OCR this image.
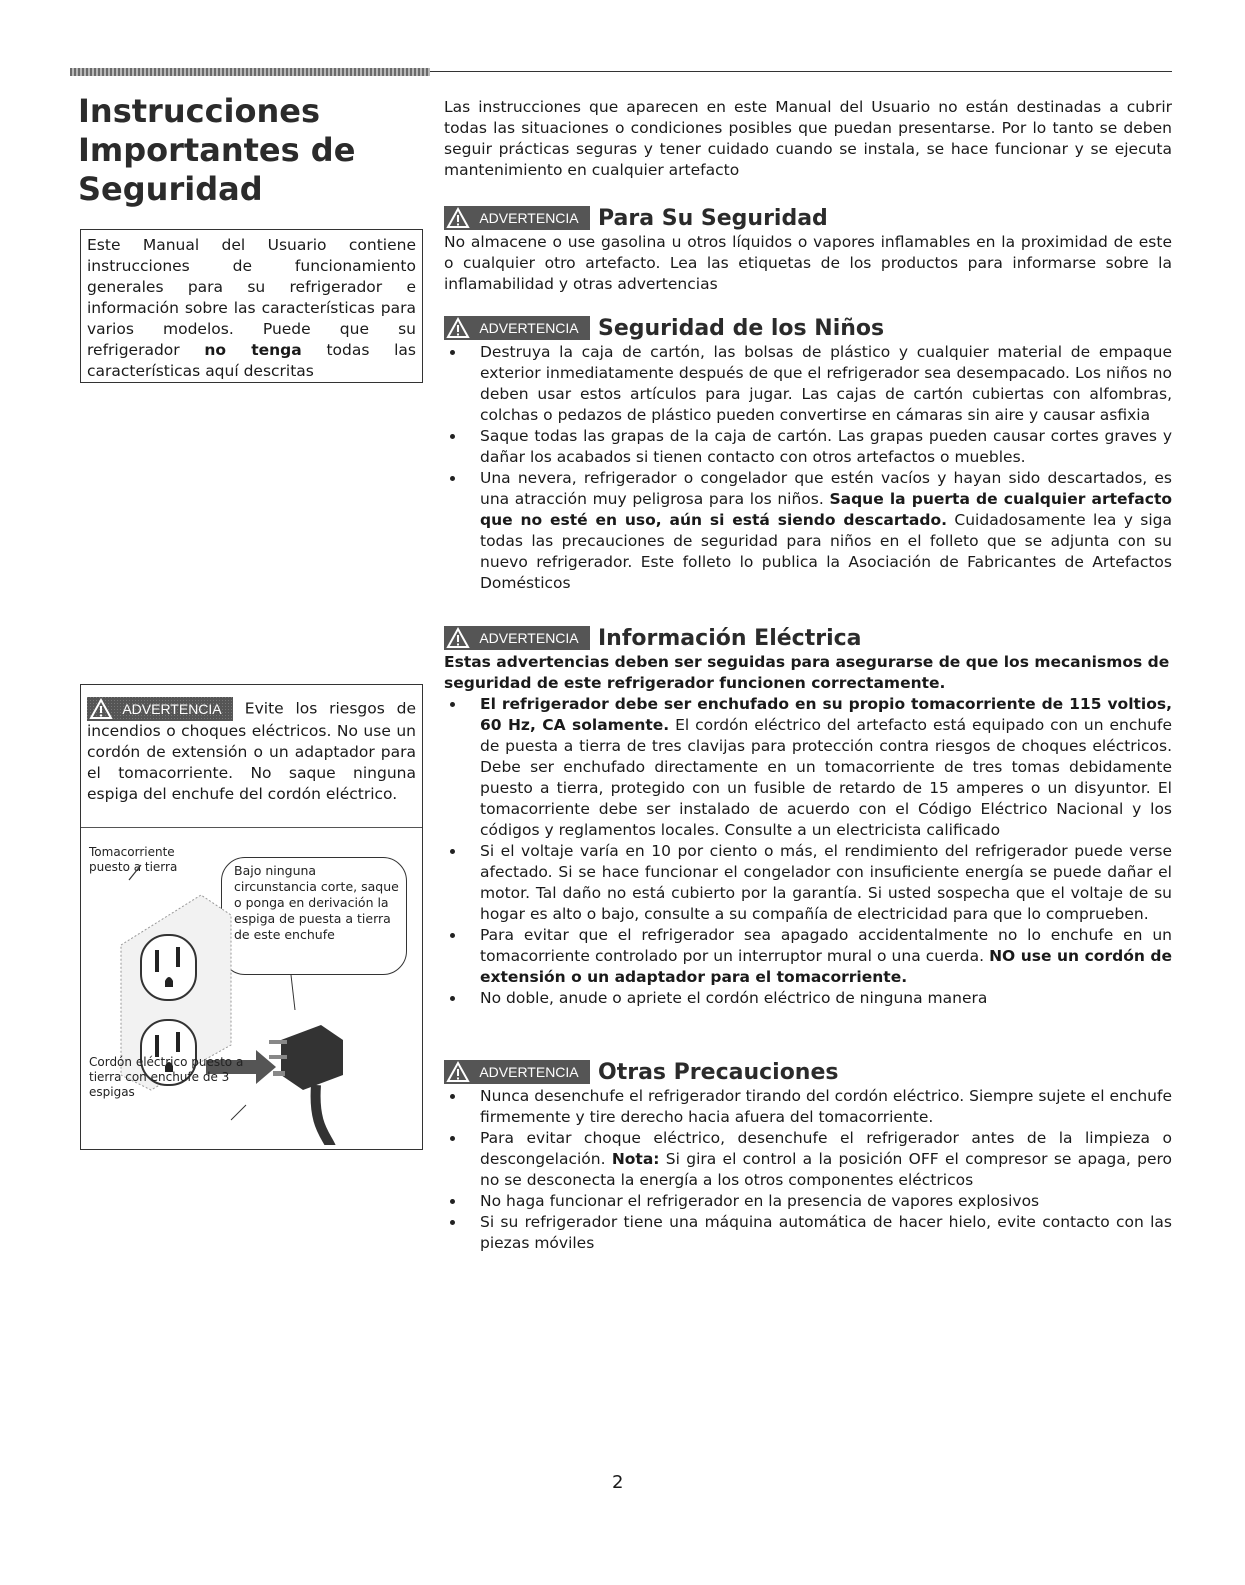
Instrucciones
Importantes de
Seguridad
Este Manual del Usuario contiene instrucciones de funcionamiento generales para su refrigerador e información sobre las características para varios modelos. Puede que su refrigerador no tenga todas las características aquí descritas
ADVERTENCIA Evite los riesgos de incendios o choques eléctricos. No use un cordón de extensión o un adaptador para el tomacorriente. No saque ninguna espiga del enchufe del cordón eléctrico.
Tomacorriente puesto a tierra	Bajo ninguna circunstancia corte, saque o ponga en derivación la espiga de puesta a tierra de este enchufe
Cordón eléctrico puesto a tierra con enchufe de 3 espigas

Las instrucciones que aparecen en este Manual del Usuario no están destinadas a cubrir todas las situaciones o condiciones posibles que puedan presentarse. Por lo tanto se deben seguir prácticas seguras y tener cuidado cuando se instala, se hace funcionar y se ejecuta mantenimiento en cualquier artefacto

ADVERTENCIA Para Su Seguridad

No almacene o use gasolina u otros líquidos o vapores inflamables en la proximidad de este o cualquier otro artefacto. Lea las etiquetas de los productos para informarse sobre la inflamabilidad y otras advertencias

ADVERTENCIA Seguridad de los Niños
Destruya la caja de cartón, las bolsas de plástico y cualquier material de empaque exterior inmediatamente después de que el refrigerador sea desempacado. Los niños no deben usar estos artículos para jugar. Las cajas de cartón cubiertas con alfombras, colchas o pedazos de plástico pueden convertirse en cámaras sin aire y causar asfixia
Saque todas las grapas de la caja de cartón. Las grapas pueden causar cortes graves y dañar los acabados si tienen contacto con otros artefactos o muebles.
Una nevera, refrigerador o congelador que estén vacíos y hayan sido descartados, es una atracción muy peligrosa para los niños. Saque la puerta de cualquier artefacto que no esté en uso, aún si está siendo descartado. Cuidadosamente lea y siga todas las precauciones de seguridad para niños en el folleto que se adjunta con su nuevo refrigerador. Este folleto lo publica la Asociación de Fabricantes de Artefactos Domésticos
ADVERTENCIA Información Eléctrica

Estas advertencias deben ser seguidas para asegurarse de que los mecanismos de seguridad de este refrigerador funcionen correctamente.

El refrigerador debe ser enchufado en su propio tomacorriente de 115 voltios, 60 Hz, CA solamente. El cordón eléctrico del artefacto está equipado con un enchufe de puesta a tierra de tres clavijas para protección contra riesgos de choques eléctricos. Debe ser enchufado directamente en un tomacorriente de tres tomas debidamente puesto a tierra, protegido con un fusible de retardo de 15 amperes o un disyuntor. El tomacorriente debe ser instalado de acuerdo con el Código Eléctrico Nacional y los códigos y reglamentos locales. Consulte a un electricista calificado
Si el voltaje varía en 10 por ciento o más, el rendimiento del refrigerador puede verse afectado. Si se hace funcionar el congelador con insuficiente energía se puede dañar el motor. Tal daño no está cubierto por la garantía. Si usted sospecha que el voltaje de su hogar es alto o bajo, consulte a su compañía de electricidad para que lo comprueben.
Para evitar que el refrigerador sea apagado accidentalmente no lo enchufe en un tomacorriente controlado por un interruptor mural o una cuerda. NO use un cordón de extensión o un adaptador para el tomacorriente.
No doble, anude o apriete el cordón eléctrico de ninguna manera
ADVERTENCIA Otras Precauciones
Nunca desenchufe el refrigerador tirando del cordón eléctrico. Siempre sujete el enchufe firmemente y tire derecho hacia afuera del tomacorriente.
Para evitar choque eléctrico, desenchufe el refrigerador antes de la limpieza o descongelación. Nota: Si gira el control a la posición OFF el compresor se apaga, pero no se desconecta la energía a los otros componentes eléctricos
No haga funcionar el refrigerador en la presencia de vapores explosivos
Si su refrigerador tiene una máquina automática de hacer hielo, evite contacto con las piezas móviles
2
